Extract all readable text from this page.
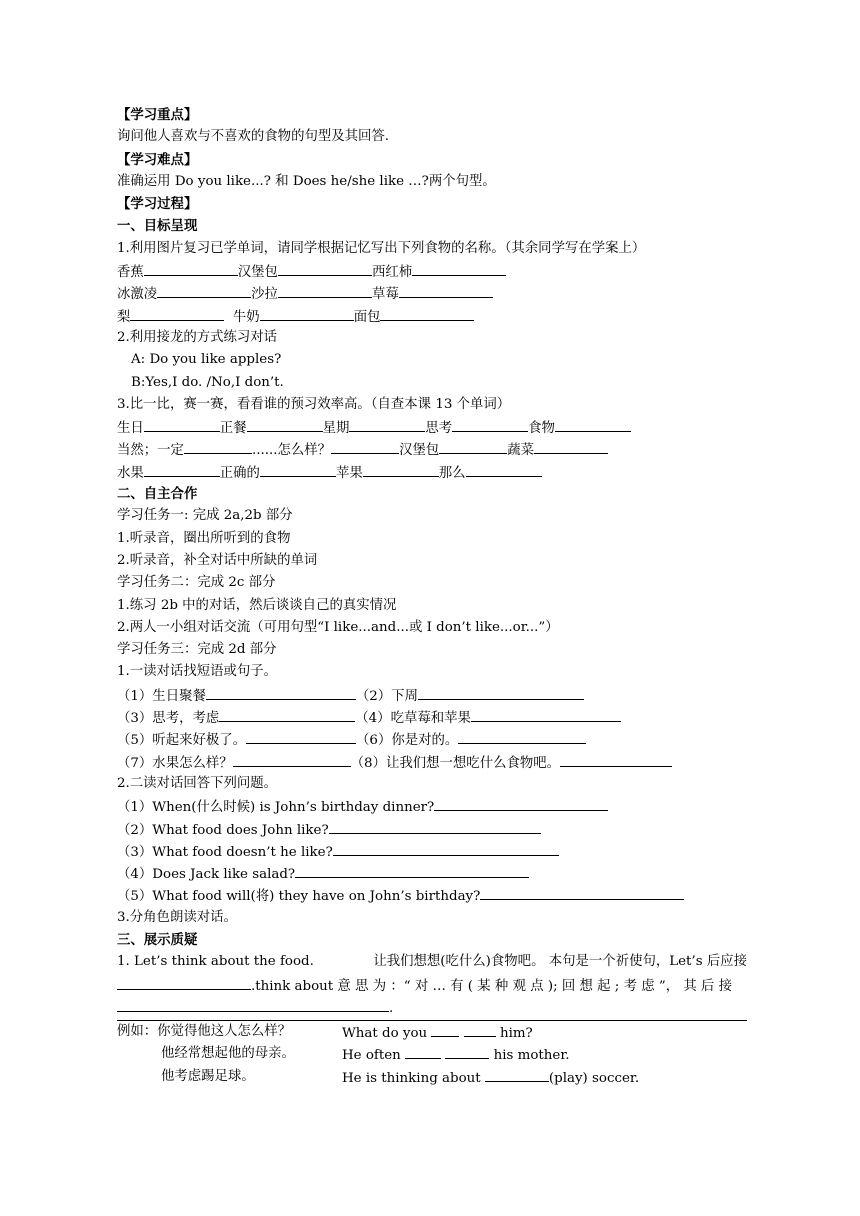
【学习重点】
询问他人喜欢与不喜欢的食物的句型及其回答.
【学习难点】
准确运用 Do you like...? 和 Does he/she like …?两个句型。
【学习过程】
一、目标呈现
1.利用图片复习已学单词，请同学根据记忆写出下列食物的名称。（其余同学写在学案上）
香蕉	汉堡包	西红柿
冰激凌	沙拉	草莓
梨	牛奶	面包
2.利用接龙的方式练习对话
A: Do you like apples?
B:Yes,I do. /No,I don’t.
3.比一比，赛一赛，看看谁的预习效率高。（自查本课 13 个单词）
生日	正餐	星期	思考	食物
当然；一定	......怎么样？	汉堡包	蔬菜
水果	正确的	苹果	那么
二、自主合作
学习任务一: 完成 2a,2b 部分
1.听录音，圈出所听到的食物
2.听录音，补全对话中所缺的单词
学习任务二：完成 2c 部分
1.练习 2b 中的对话，然后谈谈自己的真实情况
2.两人一小组对话交流（可用句型“I like...and...或 I don’t like...or...”）
学习任务三：完成 2d 部分
1.一读对话找短语或句子。
（1）生日聚餐	（2）下周
（3）思考，考虑	（4）吃草莓和苹果
（5）听起来好极了。	（6）你是对的。
（7）水果怎么样？	（8）让我们想一想吃什么食物吧。
2.二读对话回答下列问题。
（1）When(什么时候) is John’s birthday dinner?
（2）What food does John like?
（3）What food doesn’t he like?
（4）Does Jack like salad?
（5）What food will(将) they have on John’s birthday?
3.分角色朗读对话。
三、展示质疑
1. Let’s think about the food.	让我们想想(吃什么)食物吧。 本句是一个祈使句，Let’s 后应接
.think about 意 思 为 ：“ 对 … 有 ( 某 种 观 点 ); 回 想 起 ; 考 虑 ”， 其 后 接
.
例如：你觉得他这人怎么样？	What do you	him?
他经常想起他的母亲。	He often	his mother.
他考虑踢足球。	He is thinking about	(play) soccer.
